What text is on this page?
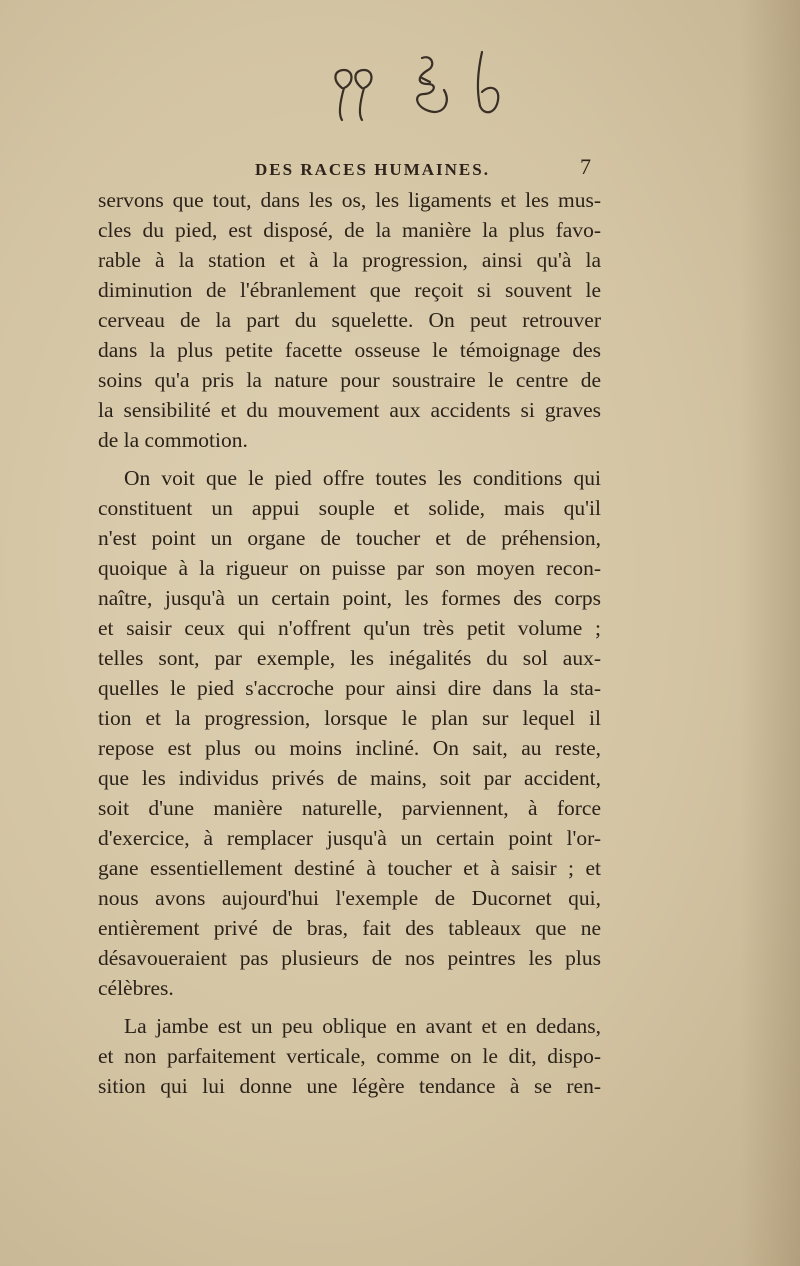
DES RACES HUMAINES.	7
servons que tout, dans les os, les ligaments et les mus-
cles du pied, est disposé, de la manière la plus favo-
rable à la station et à la progression, ainsi qu'à la
diminution de l'ébranlement que reçoit si souvent le
cerveau de la part du squelette. On peut retrouver
dans la plus petite facette osseuse le témoignage des
soins qu'a pris la nature pour soustraire le centre de
la sensibilité et du mouvement aux accidents si graves
de la commotion.
On voit que le pied offre toutes les conditions qui
constituent un appui souple et solide, mais qu'il
n'est point un organe de toucher et de préhension,
quoique à la rigueur on puisse par son moyen recon-
naître, jusqu'à un certain point, les formes des corps
et saisir ceux qui n'offrent qu'un très petit volume ;
telles sont, par exemple, les inégalités du sol aux-
quelles le pied s'accroche pour ainsi dire dans la sta-
tion et la progression, lorsque le plan sur lequel il
repose est plus ou moins incliné. On sait, au reste,
que les individus privés de mains, soit par accident,
soit d'une manière naturelle, parviennent, à force
d'exercice, à remplacer jusqu'à un certain point l'or-
gane essentiellement destiné à toucher et à saisir ; et
nous avons aujourd'hui l'exemple de Ducornet qui,
entièrement privé de bras, fait des tableaux que ne
désavoueraient pas plusieurs de nos peintres les plus
célèbres.
La jambe est un peu oblique en avant et en dedans,
et non parfaitement verticale, comme on le dit, dispo-
sition qui lui donne une légère tendance à se ren-
